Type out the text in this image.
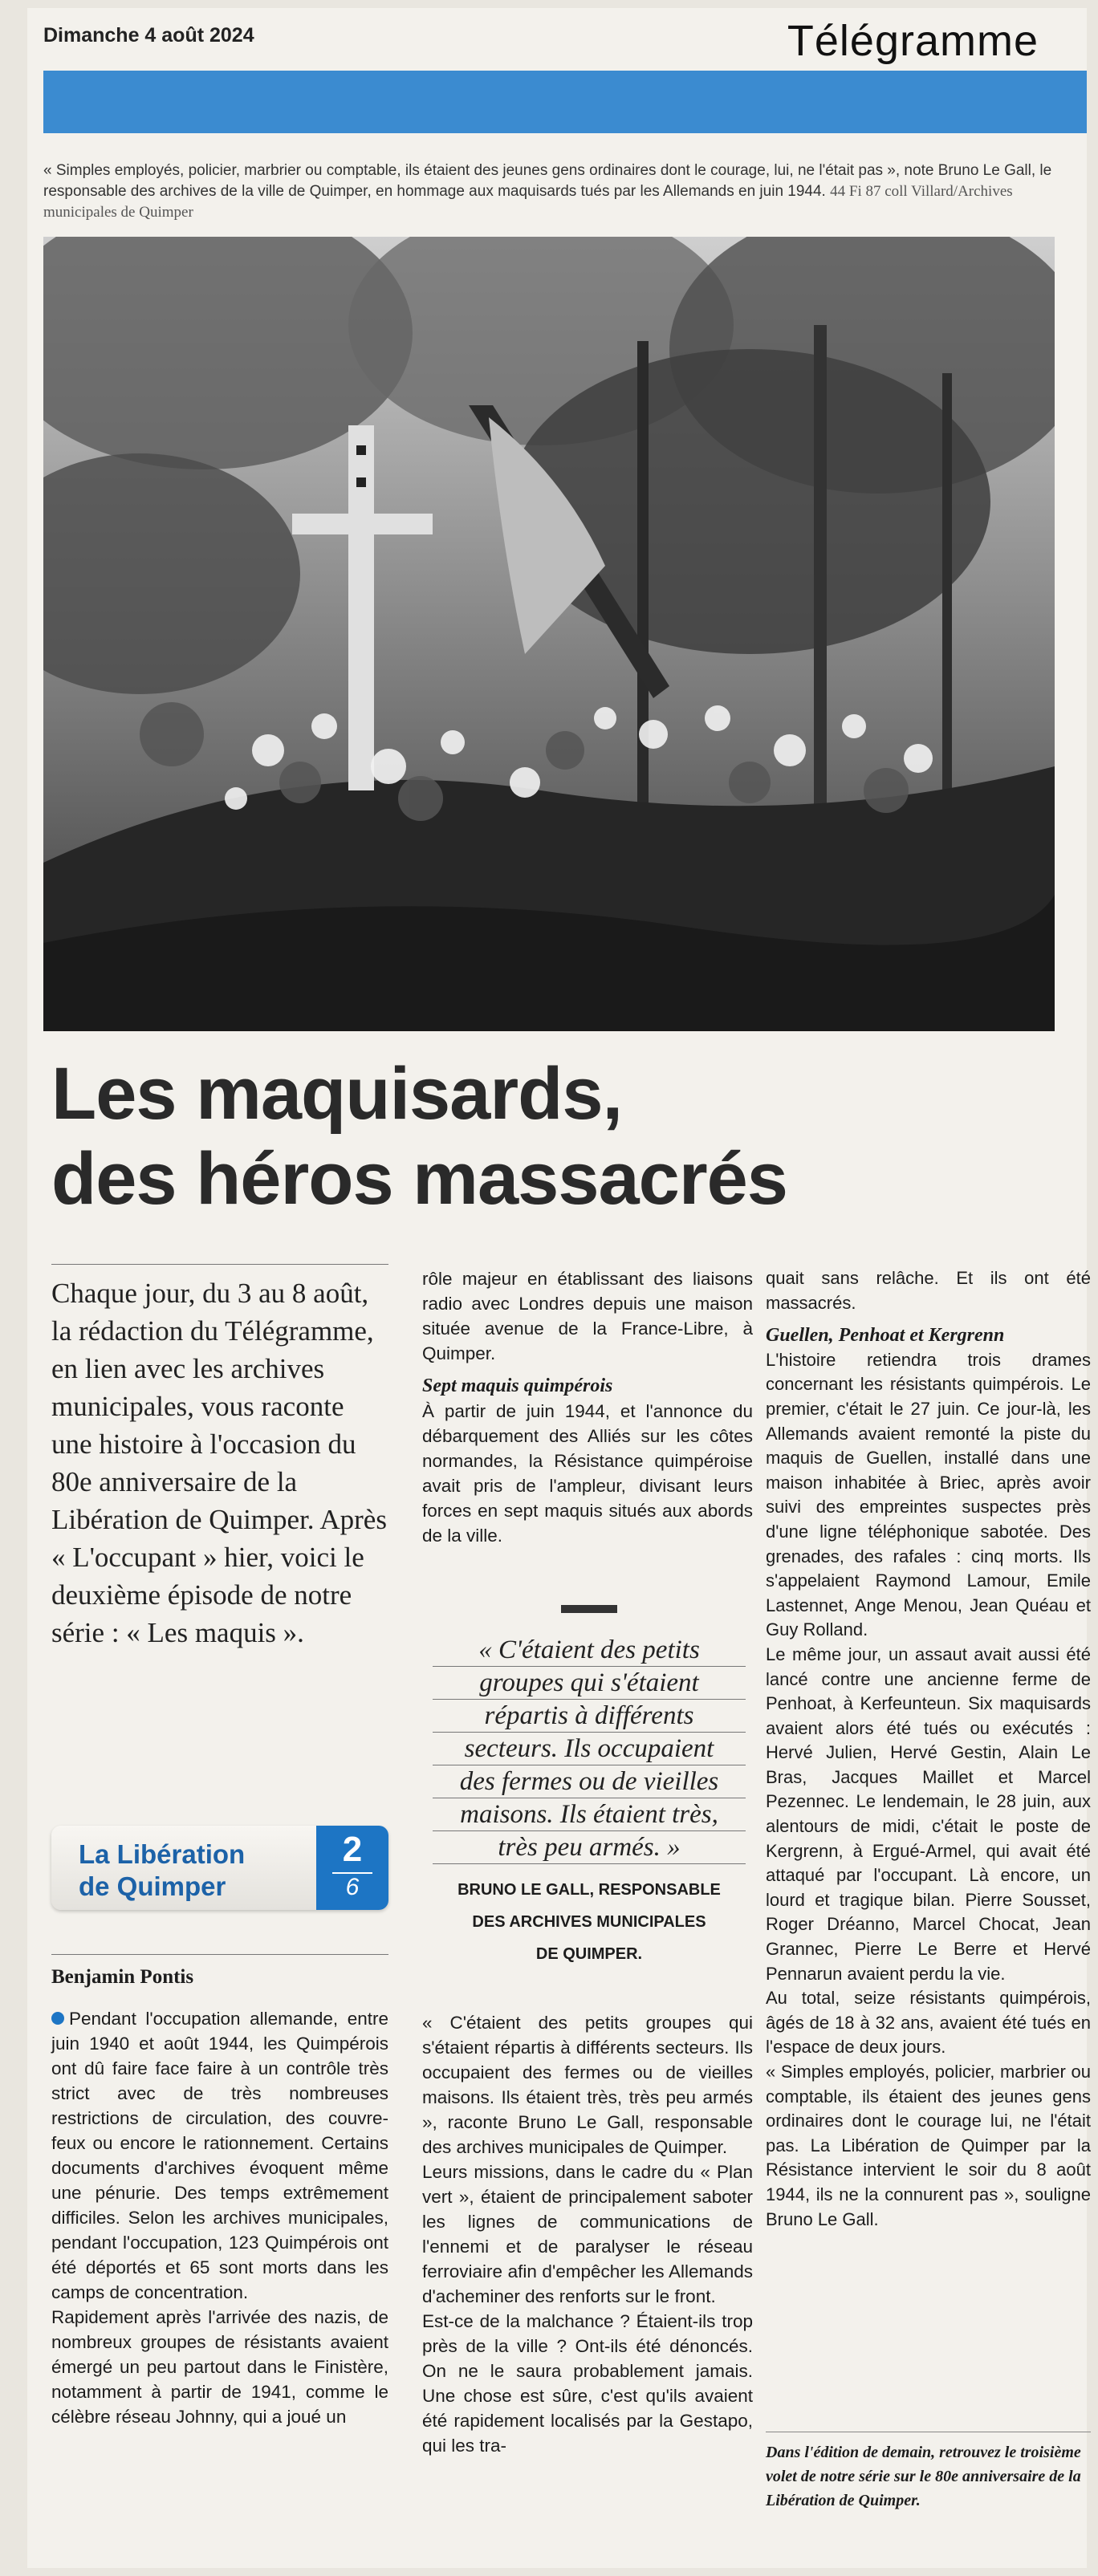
Dimanche 4 août 2024	Télégramme
« Simples employés, policier, marbrier ou comptable, ils étaient des jeunes gens ordinaires dont le courage, lui, ne l'était pas », note Bruno Le Gall, le responsable des archives de la ville de Quimper, en hommage aux maquisards tués par les Allemands en juin 1944. 44 Fi 87 coll Villard/Archives municipales de Quimper
Les maquisards,
des héros massacrés
Chaque jour, du 3 au 8 août, la rédaction du Télégramme, en lien avec les archives municipales, vous raconte une histoire à l'occasion du 80e anniversaire de la Libération de Quimper. Après « L'occupant » hier, voici le deuxième épisode de notre série : « Les maquis ».
La Libération
de Quimper
2
6
Benjamin Pontis

Pendant l'occupation allemande, entre juin 1940 et août 1944, les Quimpérois ont dû faire face faire à un contrôle très strict avec de très nombreuses restrictions de circulation, des couvre-feux ou encore le rationnement. Certains documents d'archives évoquent même une pénurie. Des temps extrêmement difficiles. Selon les archives municipales, pendant l'occupation, 123 Quimpérois ont été déportés et 65 sont morts dans les camps de concentration.

Rapidement après l'arrivée des nazis, de nombreux groupes de résistants avaient émergé un peu partout dans le Finistère, notamment à partir de 1941, comme le célèbre réseau Johnny, qui a joué un

rôle majeur en établissant des liaisons radio avec Londres depuis une maison située avenue de la France-Libre, à Quimper.

Sept maquis quimpérois

À partir de juin 1944, et l'annonce du débarquement des Alliés sur les côtes normandes, la Résistance quimpéroise avait pris de l'ampleur, divisant leurs forces en sept maquis situés aux abords de la ville.

« C'étaient des petits
groupes qui s'étaient
répartis à différents
secteurs. Ils occupaient
des fermes ou de vieilles
maisons. Ils étaient très,
très peu armés. »
BRUNO LE GALL, RESPONSABLE
DES ARCHIVES MUNICIPALES
DE QUIMPER.

« C'étaient des petits groupes qui s'étaient répartis à différents secteurs. Ils occupaient des fermes ou de vieilles maisons. Ils étaient très, très peu armés », raconte Bruno Le Gall, responsable des archives municipales de Quimper.

Leurs missions, dans le cadre du « Plan vert », étaient de principalement saboter les lignes de communications de l'ennemi et de paralyser le réseau ferroviaire afin d'empêcher les Allemands d'acheminer des renforts sur le front.

Est-ce de la malchance ? Étaient-ils trop près de la ville ? Ont-ils été dénoncés. On ne le saura probablement jamais. Une chose est sûre, c'est qu'ils avaient été rapidement localisés par la Gestapo, qui les tra-

quait sans relâche. Et ils ont été massacrés.

Guellen, Penhoat et Kergrenn

L'histoire retiendra trois drames concernant les résistants quimpérois. Le premier, c'était le 27 juin. Ce jour-là, les Allemands avaient remonté la piste du maquis de Guellen, installé dans une maison inhabitée à Briec, après avoir suivi des empreintes suspectes près d'une ligne téléphonique sabotée. Des grenades, des rafales : cinq morts. Ils s'appelaient Raymond Lamour, Emile Lastennet, Ange Menou, Jean Quéau et Guy Rolland.

Le même jour, un assaut avait aussi été lancé contre une ancienne ferme de Penhoat, à Kerfeunteun. Six maquisards avaient alors été tués ou exécutés : Hervé Julien, Hervé Gestin, Alain Le Bras, Jacques Maillet et Marcel Pezennec. Le lendemain, le 28 juin, aux alentours de midi, c'était le poste de Kergrenn, à Ergué-Armel, qui avait été attaqué par l'occupant. Là encore, un lourd et tragique bilan. Pierre Sousset, Roger Dréanno, Marcel Chocat, Jean Grannec, Pierre Le Berre et Hervé Pennarun avaient perdu la vie.

Au total, seize résistants quimpérois, âgés de 18 à 32 ans, avaient été tués en l'espace de deux jours.

« Simples employés, policier, marbrier ou comptable, ils étaient des jeunes gens ordinaires dont le courage lui, ne l'était pas. La Libération de Quimper par la Résistance intervient le soir du 8 août 1944, ils ne la connurent pas », souligne Bruno Le Gall.

Dans l'édition de demain, retrouvez le troisième volet de notre série sur le 80e anniversaire de la Libération de Quimper.
